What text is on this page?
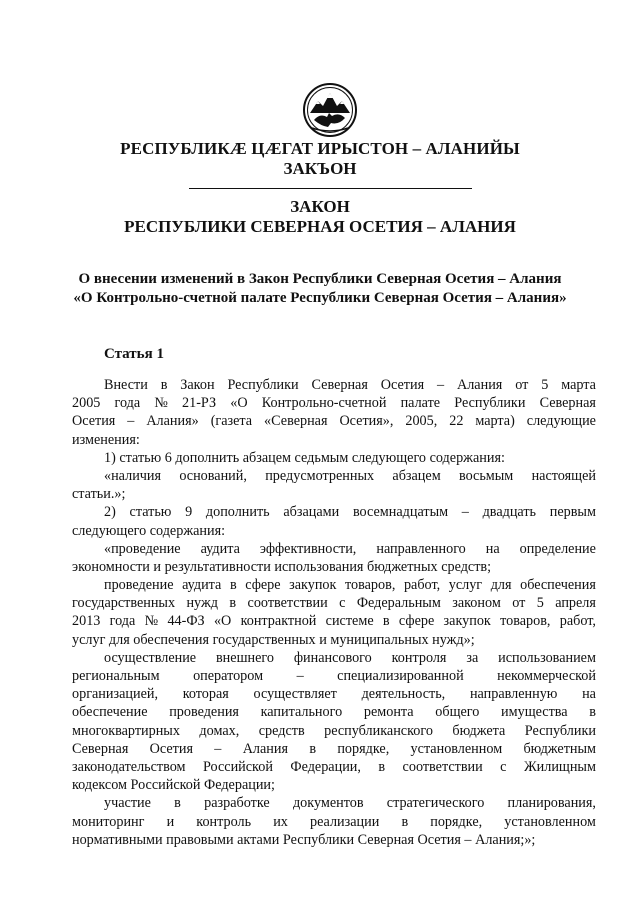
РЕСПУБЛИКӔ ЦӔГАТ ИРЫСТОН – АЛАНИЙЫ
ЗАКЪОН
ЗАКОН
РЕСПУБЛИКИ СЕВЕРНАЯ ОСЕТИЯ – АЛАНИЯ
О внесении изменений в Закон Республики Северная Осетия – Алания
«О Контрольно-счетной палате Республики Северная Осетия – Алания»
Статья 1
Внести в Закон Республики Северная Осетия – Алания от 5 марта
2005 года № 21-РЗ «О Контрольно-счетной палате Республики Северная
Осетия – Алания» (газета «Северная Осетия», 2005, 22 марта) следующие
изменения:
1) статью 6 дополнить абзацем седьмым следующего содержания:
«наличия оснований, предусмотренных абзацем восьмым настоящей
статьи.»;
2) статью 9 дополнить абзацами восемнадцатым – двадцать первым
следующего содержания:
«проведение аудита эффективности, направленного на определение
экономности и результативности использования бюджетных средств;
проведение аудита в сфере закупок товаров, работ, услуг для обеспечения
государственных нужд в соответствии с Федеральным законом от 5 апреля
2013 года № 44-ФЗ «О контрактной системе в сфере закупок товаров, работ,
услуг для обеспечения государственных и муниципальных нужд»;
осуществление внешнего финансового контроля за использованием
региональным оператором – специализированной некоммерческой
организацией, которая осуществляет деятельность, направленную на
обеспечение проведения капитального ремонта общего имущества в
многоквартирных домах, средств республиканского бюджета Республики
Северная Осетия – Алания в порядке, установленном бюджетным
законодательством Российской Федерации, в соответствии с Жилищным
кодексом Российской Федерации;
участие в разработке документов стратегического планирования,
мониторинг и контроль их реализации в порядке, установленном
нормативными правовыми актами Республики Северная Осетия – Алания;»;
